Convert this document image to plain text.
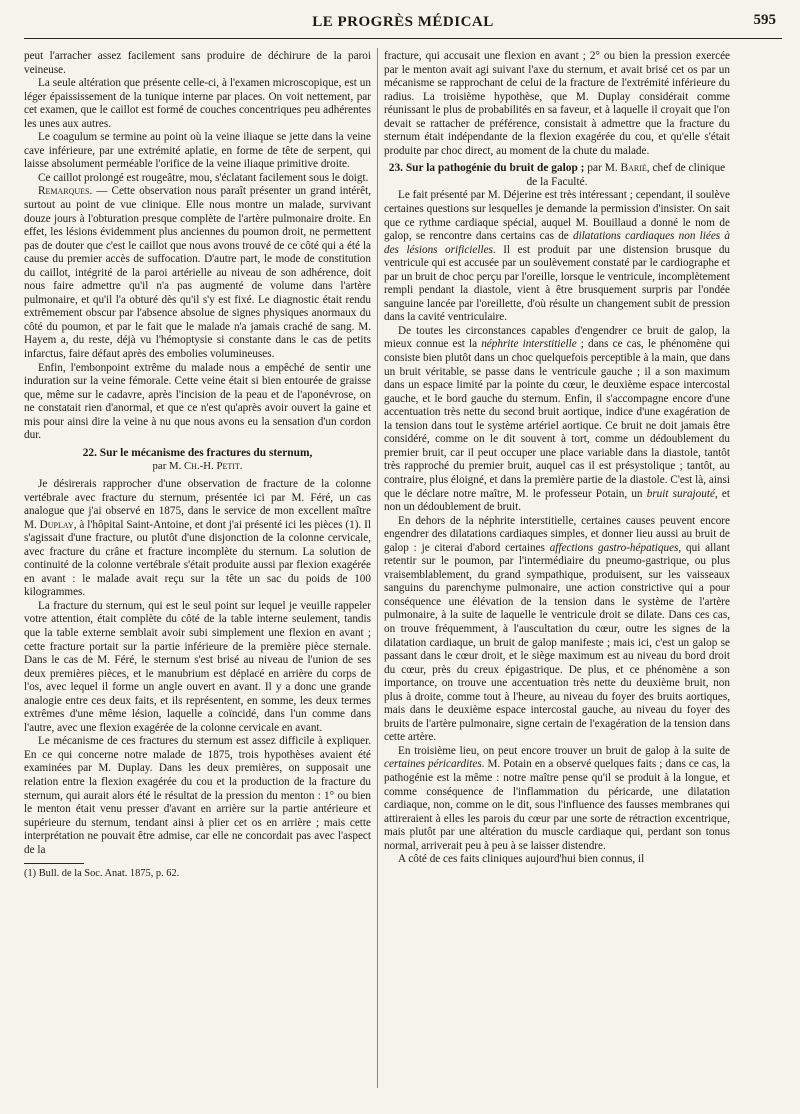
LE PROGRÈS MÉDICAL	595

peut l'arracher assez facilement sans produire de déchirure de la paroi veineuse.

La seule altération que présente celle-ci, à l'examen microscopique, est un léger épaississement de la tunique interne par places. On voit nettement, par cet examen, que le caillot est formé de couches concentriques peu adhérentes les unes aux autres.

Le coagulum se termine au point où la veine iliaque se jette dans la veine cave inférieure, par une extrémité aplatie, en forme de tête de serpent, qui laisse absolument perméable l'orifice de la veine iliaque primitive droite.

Ce caillot prolongé est rougeâtre, mou, s'éclatant facilement sous le doigt.

Remarques. — Cette observation nous paraît présenter un grand intérêt, surtout au point de vue clinique. Elle nous montre un malade, survivant douze jours à l'obturation presque complète de l'artère pulmonaire droite. En effet, les lésions évidemment plus anciennes du poumon droit, ne permettent pas de douter que c'est le caillot que nous avons trouvé de ce côté qui a été la cause du premier accès de suffocation. D'autre part, le mode de constitution du caillot, intégrité de la paroi artérielle au niveau de son adhérence, doit nous faire admettre qu'il n'a pas augmenté de volume dans l'artère pulmonaire, et qu'il l'a obturé dès qu'il s'y est fixé. Le diagnostic était rendu extrêmement obscur par l'absence absolue de signes physiques anormaux du côté du poumon, et par le fait que le malade n'a jamais craché de sang. M. Hayem a, du reste, déjà vu l'hémoptysie si constante dans le cas de petits infarctus, faire défaut après des embolies volumineuses.

Enfin, l'embonpoint extrême du malade nous a empêché de sentir une induration sur la veine fémorale. Cette veine était si bien entourée de graisse que, même sur le cadavre, après l'incision de la peau et de l'aponévrose, on ne constatait rien d'anormal, et que ce n'est qu'après avoir ouvert la gaine et mis pour ainsi dire la veine à nu que nous avons eu la sensation d'un cordon dur.

22. Sur le mécanisme des fractures du sternum,

par M. Ch.-H. Petit.

Je désirerais rapprocher d'une observation de fracture de la colonne vertébrale avec fracture du sternum, présentée ici par M. Féré, un cas analogue que j'ai observé en 1875, dans le service de mon excellent maître M. Duplay, à l'hôpital Saint-Antoine, et dont j'ai présenté ici les pièces (1). Il s'agissait d'une fracture, ou plutôt d'une disjonction de la colonne cervicale, avec fracture du crâne et fracture incomplète du sternum. La solution de continuité de la colonne vertébrale s'était produite aussi par flexion exagérée en avant : le malade avait reçu sur la tête un sac du poids de 100 kilogrammes.

La fracture du sternum, qui est le seul point sur lequel je veuille rappeler votre attention, était complète du côté de la table interne seulement, tandis que la table externe semblait avoir subi simplement une flexion en avant ; cette fracture portait sur la partie inférieure de la première pièce sternale. Dans le cas de M. Féré, le sternum s'est brisé au niveau de l'union de ses deux premières pièces, et le manubrium est déplacé en arrière du corps de l'os, avec lequel il forme un angle ouvert en avant. Il y a donc une grande analogie entre ces deux faits, et ils représentent, en somme, les deux termes extrêmes d'une même lésion, laquelle a coïncidé, dans l'un comme dans l'autre, avec une flexion exagérée de la colonne cervicale en avant.

Le mécanisme de ces fractures du sternum est assez difficile à expliquer. En ce qui concerne notre malade de 1875, trois hypothèses avaient été examinées par M. Duplay. Dans les deux premières, on supposait une relation entre la flexion exagérée du cou et la production de la fracture du sternum, qui aurait alors été le résultat de la pression du menton : 1° ou bien le menton était venu presser d'avant en arrière sur la partie antérieure et supérieure du sternum, tendant ainsi à plier cet os en arrière ; mais cette interprétation ne pouvait être admise, car elle ne concordait pas avec l'aspect de la

(1) Bull. de la Soc. Anat. 1875, p. 62.

fracture, qui accusait une flexion en avant ; 2° ou bien la pression exercée par le menton avait agi suivant l'axe du sternum, et avait brisé cet os par un mécanisme se rapprochant de celui de la fracture de l'extrémité inférieure du radius. La troisième hypothèse, que M. Duplay considérait comme réunissant le plus de probabilités en sa faveur, et à laquelle il croyait que l'on devait se rattacher de préférence, consistait à admettre que la fracture du sternum était indépendante de la flexion exagérée du cou, et qu'elle s'était produite par choc direct, au moment de la chute du malade.

23. Sur la pathogénie du bruit de galop ; par M. Barié, chef de clinique de la Faculté.

Le fait présenté par M. Déjerine est très intéressant ; cependant, il soulève certaines questions sur lesquelles je demande la permission d'insister. On sait que ce rythme cardiaque spécial, auquel M. Bouillaud a donné le nom de galop, se rencontre dans certains cas de dilatations cardiaques non liées à des lésions orificielles. Il est produit par une distension brusque du ventricule qui est accusée par un soulèvement constaté par le cardiographe et par un bruit de choc perçu par l'oreille, lorsque le ventricule, incomplètement rempli pendant la diastole, vient à être brusquement surpris par l'ondée sanguine lancée par l'oreillette, d'où résulte un changement subit de pression dans la cavité ventriculaire.

De toutes les circonstances capables d'engendrer ce bruit de galop, la mieux connue est la néphrite interstitielle ; dans ce cas, le phénomène qui consiste bien plutôt dans un choc quelquefois perceptible à la main, que dans un bruit véritable, se passe dans le ventricule gauche ; il a son maximum dans un espace limité par la pointe du cœur, le deuxième espace intercostal gauche, et le bord gauche du sternum. Enfin, il s'accompagne encore d'une accentuation très nette du second bruit aortique, indice d'une exagération de la tension dans tout le système artériel aortique. Ce bruit ne doit jamais être considéré, comme on le dit souvent à tort, comme un dédoublement du premier bruit, car il peut occuper une place variable dans la diastole, tantôt très rapproché du premier bruit, auquel cas il est présystolique ; tantôt, au contraire, plus éloigné, et dans la première partie de la diastole. C'est là, ainsi que le déclare notre maître, M. le professeur Potain, un bruit surajouté, et non un dédoublement de bruit.

En dehors de la néphrite interstitielle, certaines causes peuvent encore engendrer des dilatations cardiaques simples, et donner lieu aussi au bruit de galop : je citerai d'abord certaines affections gastro-hépatiques, qui allant retentir sur le poumon, par l'intermédiaire du pneumo-gastrique, ou plus vraisemblablement, du grand sympathique, produisent, sur les vaisseaux sanguins du parenchyme pulmonaire, une action constrictive qui a pour conséquence une élévation de la tension dans le système de l'artère pulmonaire, à la suite de laquelle le ventricule droit se dilate. Dans ces cas, on trouve fréquemment, à l'auscultation du cœur, outre les signes de la dilatation cardiaque, un bruit de galop manifeste ; mais ici, c'est un galop se passant dans le cœur droit, et le siège maximum est au niveau du bord droit du cœur, près du creux épigastrique. De plus, et ce phénomène a son importance, on trouve une accentuation très nette du deuxième bruit, non plus à droite, comme tout à l'heure, au niveau du foyer des bruits aortiques, mais dans le deuxième espace intercostal gauche, au niveau du foyer des bruits de l'artère pulmonaire, signe certain de l'exagération de la tension dans cette artère.

En troisième lieu, on peut encore trouver un bruit de galop à la suite de certaines péricardites. M. Potain en a observé quelques faits ; dans ce cas, la pathogénie est la même : notre maître pense qu'il se produit à la longue, et comme conséquence de l'inflammation du péricarde, une dilatation cardiaque, non, comme on le dit, sous l'influence des fausses membranes qui attireraient à elles les parois du cœur par une sorte de rétraction excentrique, mais plutôt par une altération du muscle cardiaque qui, perdant son tonus normal, arriverait peu à peu à se laisser distendre.

A côté de ces faits cliniques aujourd'hui bien connus, il
